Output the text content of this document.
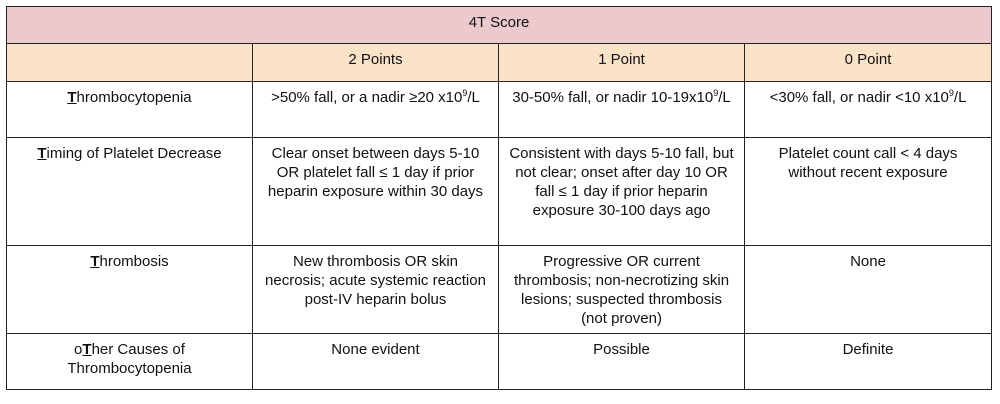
4T Score			
	2 Points	1 Point	0 Point
Thrombocytopenia	>50% fall, or a nadir ≥20 $x10^9/L$	30-50% fall, or nadir $10-19x10^9/L$	<30% fall, or nadir <10 $x10^9/L$
Timing of Platelet Decrease	Clear onset between days 5-10 OR platelet fall ≤ 1 day if prior heparin exposure within 30 days	Consistent with days 5-10 fall, but not clear; onset after day 10 OR fall ≤ 1 day if prior heparin exposure 30-100 days ago	Platelet count call < 4 days without recent exposure
Thrombosis	New thrombosis OR skin necrosis; acute systemic reaction post-IV heparin bolus	Progressive OR current thrombosis; non-necrotizing skin lesions; suspected thrombosis (not proven)	None
oTher Causes of Thrombocytopenia	None evident	Possible	Definite
